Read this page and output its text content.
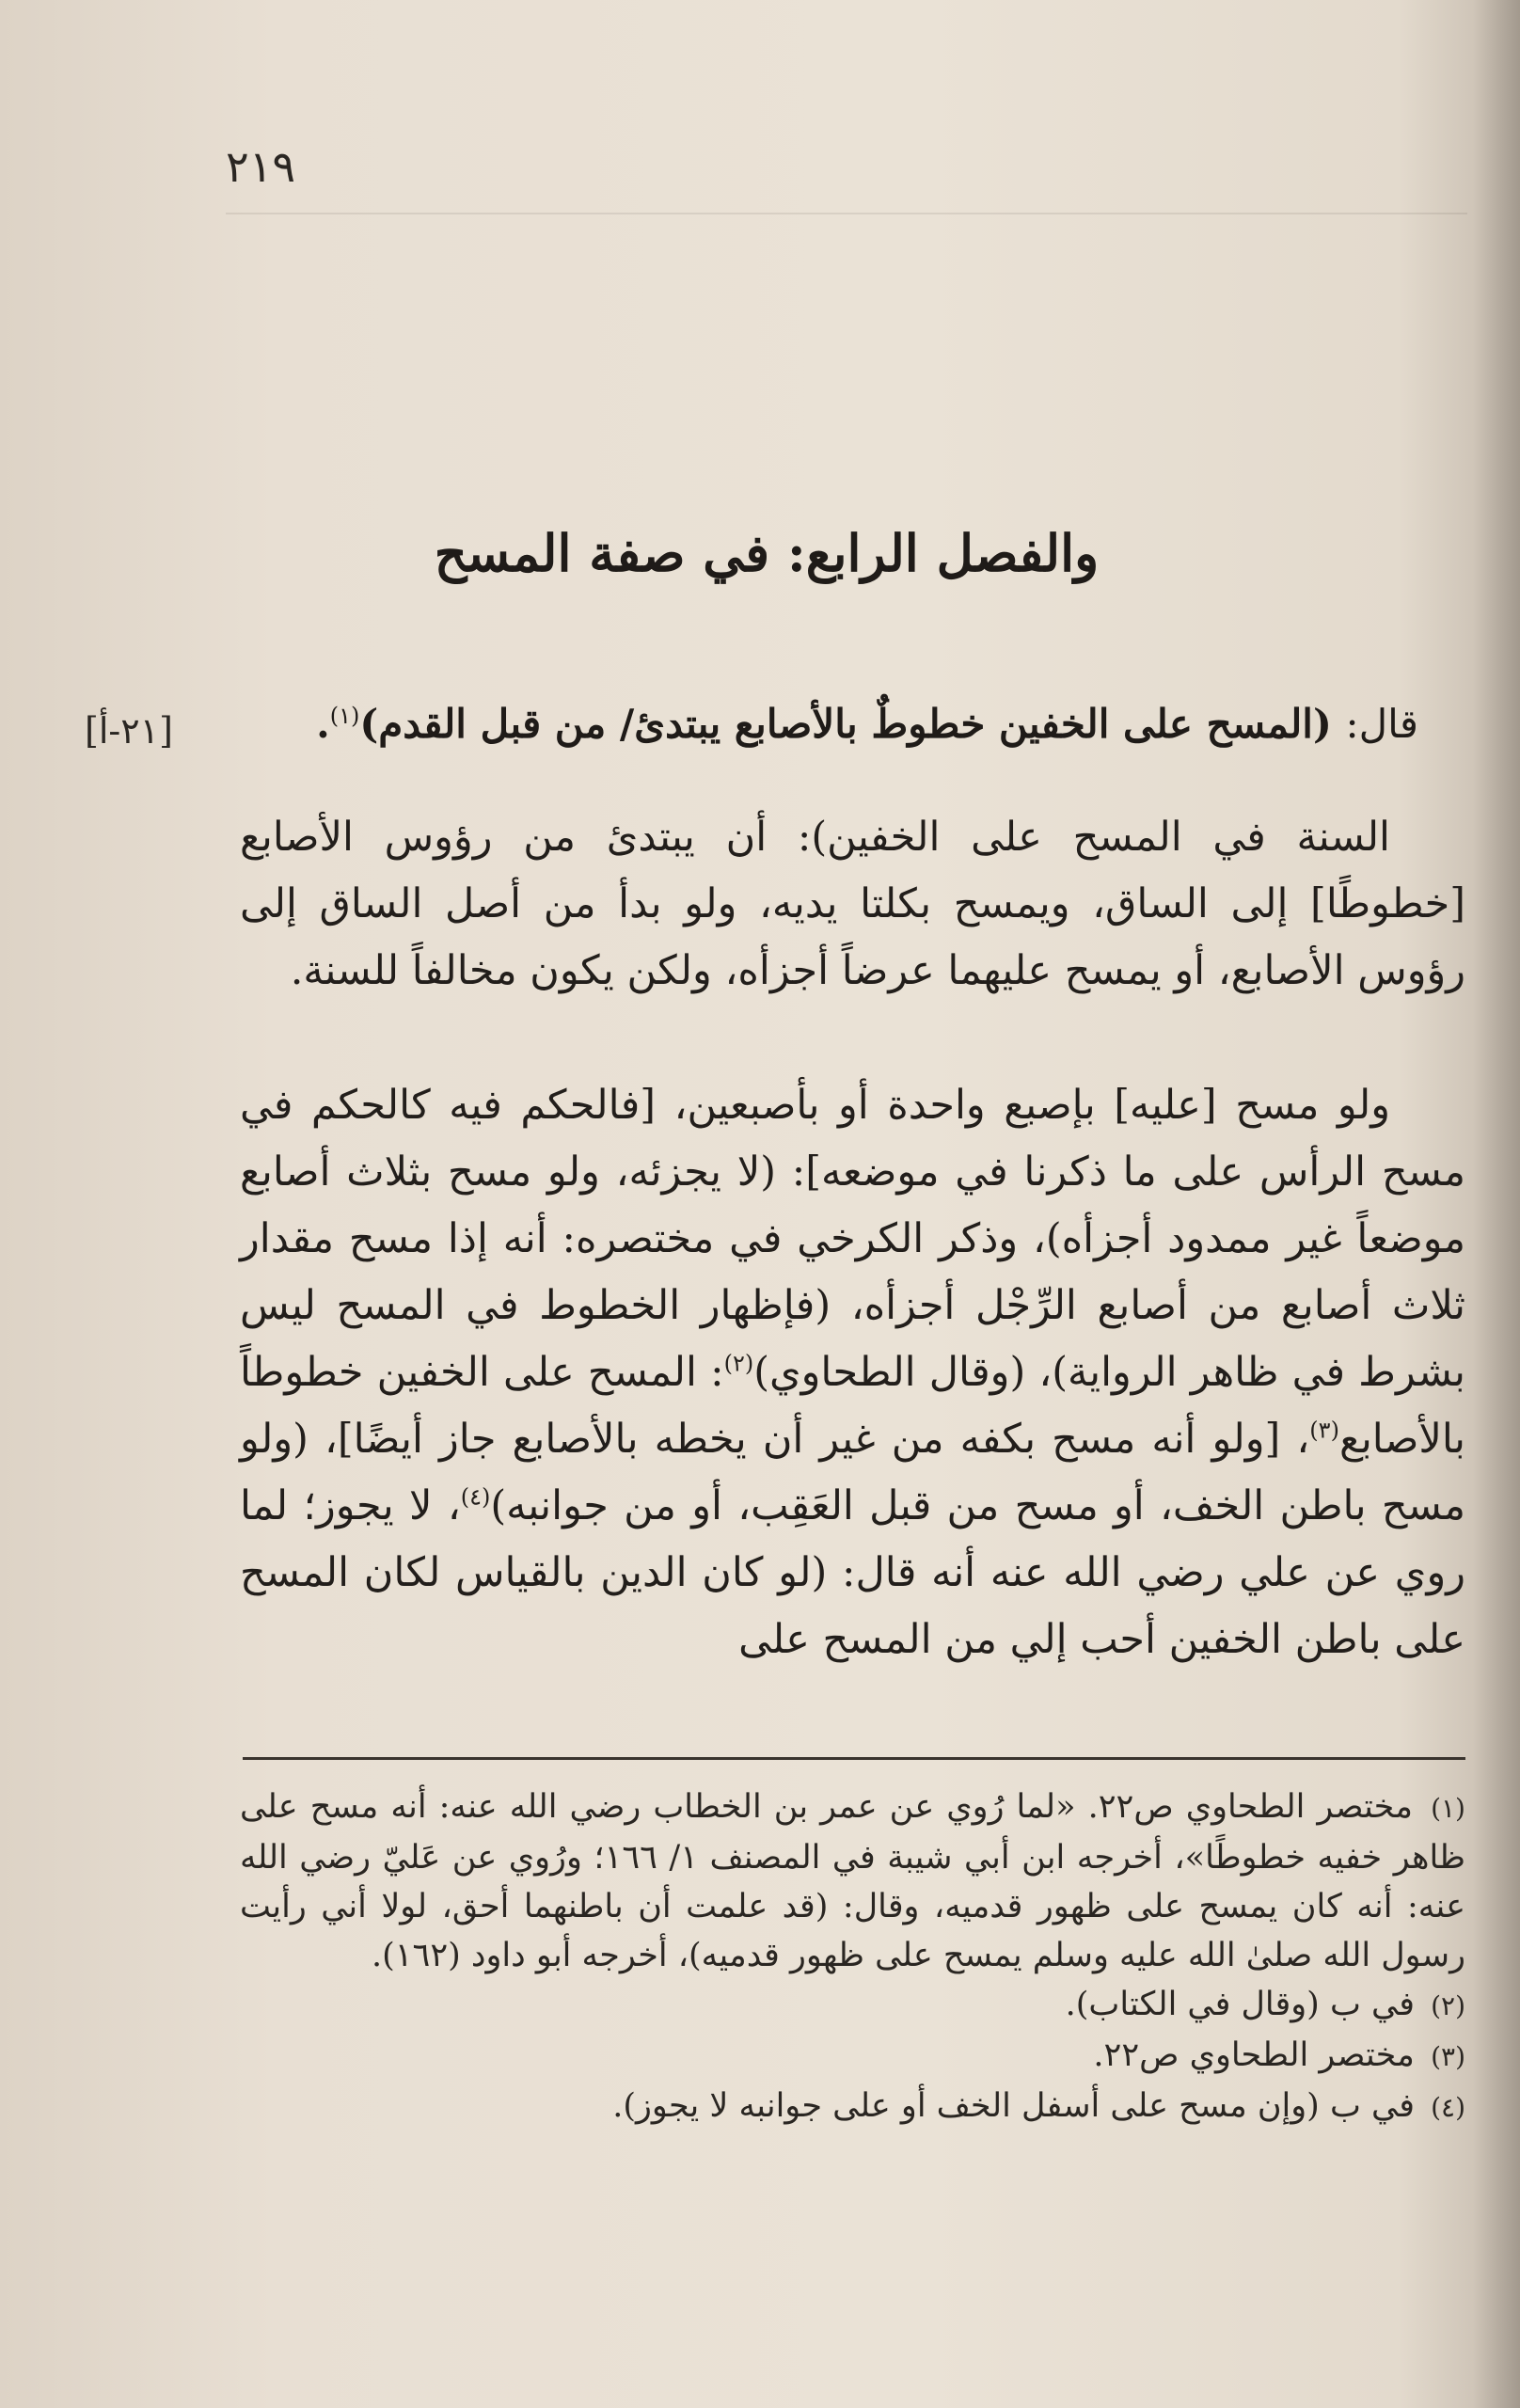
٢١٩
والفصل الرابع: في صفة المسح
[٢١-أ]	قال: (المسح على الخفين خطوطٌ بالأصابع يبتدئ/ من قبل القدم)$^{(١)}$.

السنة في المسح على الخفين): أن يبتدئ من رؤوس الأصابع [خطوطًا] إلى الساق، ويمسح بكلتا يديه، ولو بدأ من أصل الساق إلى رؤوس الأصابع، أو يمسح عليهما عرضاً أجزأه، ولكن يكون مخالفاً للسنة.

ولو مسح [عليه] بإصبع واحدة أو بأصبعين، [فالحكم فيه كالحكم في مسح الرأس على ما ذكرنا في موضعه]: (لا يجزئه، ولو مسح بثلاث أصابع موضعاً غير ممدود أجزأه)، وذكر الكرخي في مختصره: أنه إذا مسح مقدار ثلاث أصابع من أصابع الرِّجْل أجزأه، (فإظهار الخطوط في المسح ليس بشرط في ظاهر الرواية)، (وقال الطحاوي)$^{(٢)}$: المسح على الخفين خطوطاً بالأصابع$^{(٣)}$، [ولو أنه مسح بكفه من غير أن يخطه بالأصابع جاز أيضًا]، (ولو مسح باطن الخف، أو مسح من قبل العَقِب، أو من جوانبه)$^{(٤)}$، لا يجوز؛ لما روي عن علي رضي الله عنه أنه قال: (لو كان الدين بالقياس لكان المسح على باطن الخفين أحب إلي من المسح على

(١) مختصر الطحاوي ص٢٢. «لما رُوي عن عمر بن الخطاب رضي الله عنه: أنه مسح على ظاهر خفيه خطوطًا»، أخرجه ابن أبي شيبة في المصنف ١/ ١٦٦؛ ورُوي عن عَليّ رضي الله عنه: أنه كان يمسح على ظهور قدميه، وقال: (قد علمت أن باطنهما أحق، لولا أني رأيت رسول الله صلىٰ الله عليه وسلم يمسح على ظهور قدميه)، أخرجه أبو داود (١٦٢).

(٢) في ب (وقال في الكتاب).

(٣) مختصر الطحاوي ص٢٢.

(٤) في ب (وإن مسح على أسفل الخف أو على جوانبه لا يجوز).
